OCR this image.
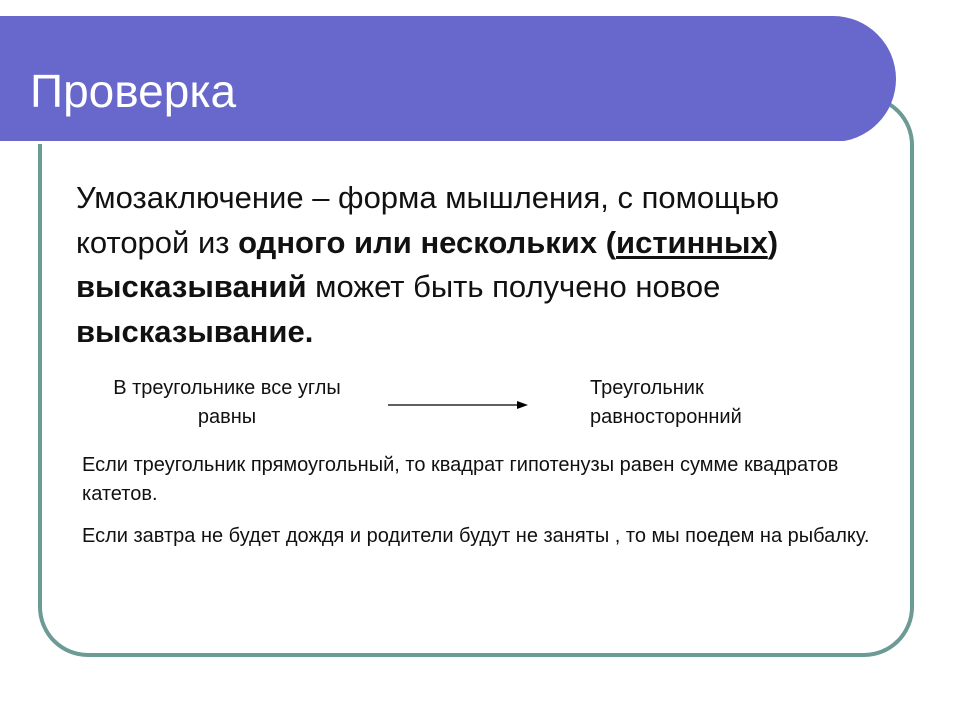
Проверка
Умозаключение – форма мышления, с помощью которой из одного или нескольких (истинных) высказываний может быть получено новое высказывание.
В треугольнике все углы
равны
Треугольник
равносторонний
Если треугольник прямоугольный, то квадрат гипотенузы равен сумме квадратов катетов.
Если завтра не будет дождя и родители будут не заняты , то мы поедем на рыбалку.
